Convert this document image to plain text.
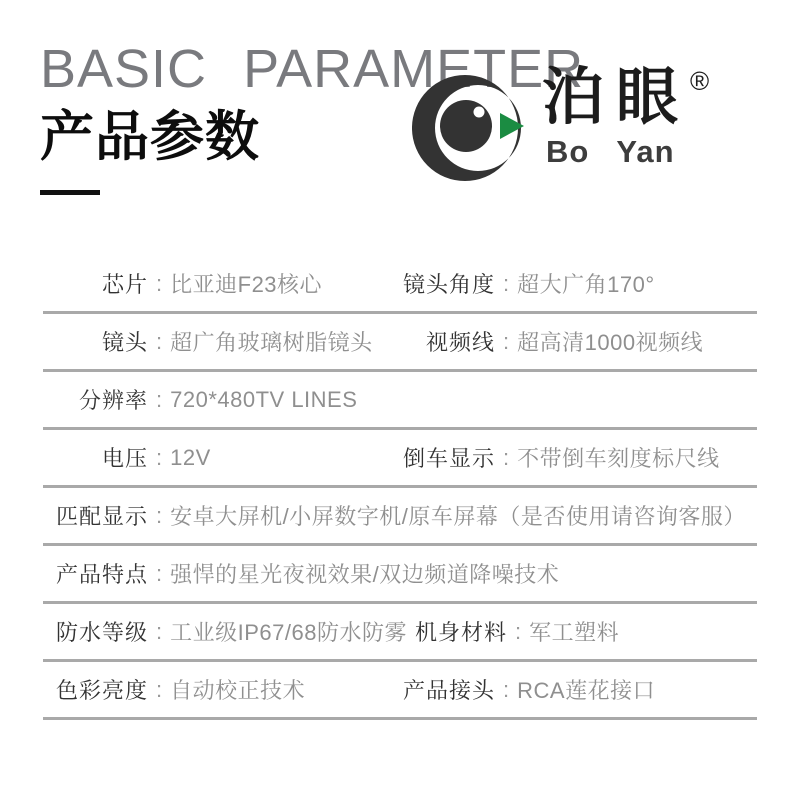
BASIC PARAMETER
产品参数
泊眼®
Bo Yan
芯片 : 比亚迪F23核心	镜头角度 : 超大广角170°
镜头 : 超广角玻璃树脂镜头	视频线 : 超高清1000视频线
分辨率 : 720*480TV LINES
电压 : 12V	倒车显示 : 不带倒车刻度标尺线
匹配显示 : 安卓大屏机/小屏数字机/原车屏幕（是否使用请咨询客服）
产品特点 : 强悍的星光夜视效果/双边频道降噪技术
防水等级 : 工业级IP67/68防水防雾 机身材料 : 军工塑料
色彩亮度 : 自动校正技术	产品接头 : RCA莲花接口
